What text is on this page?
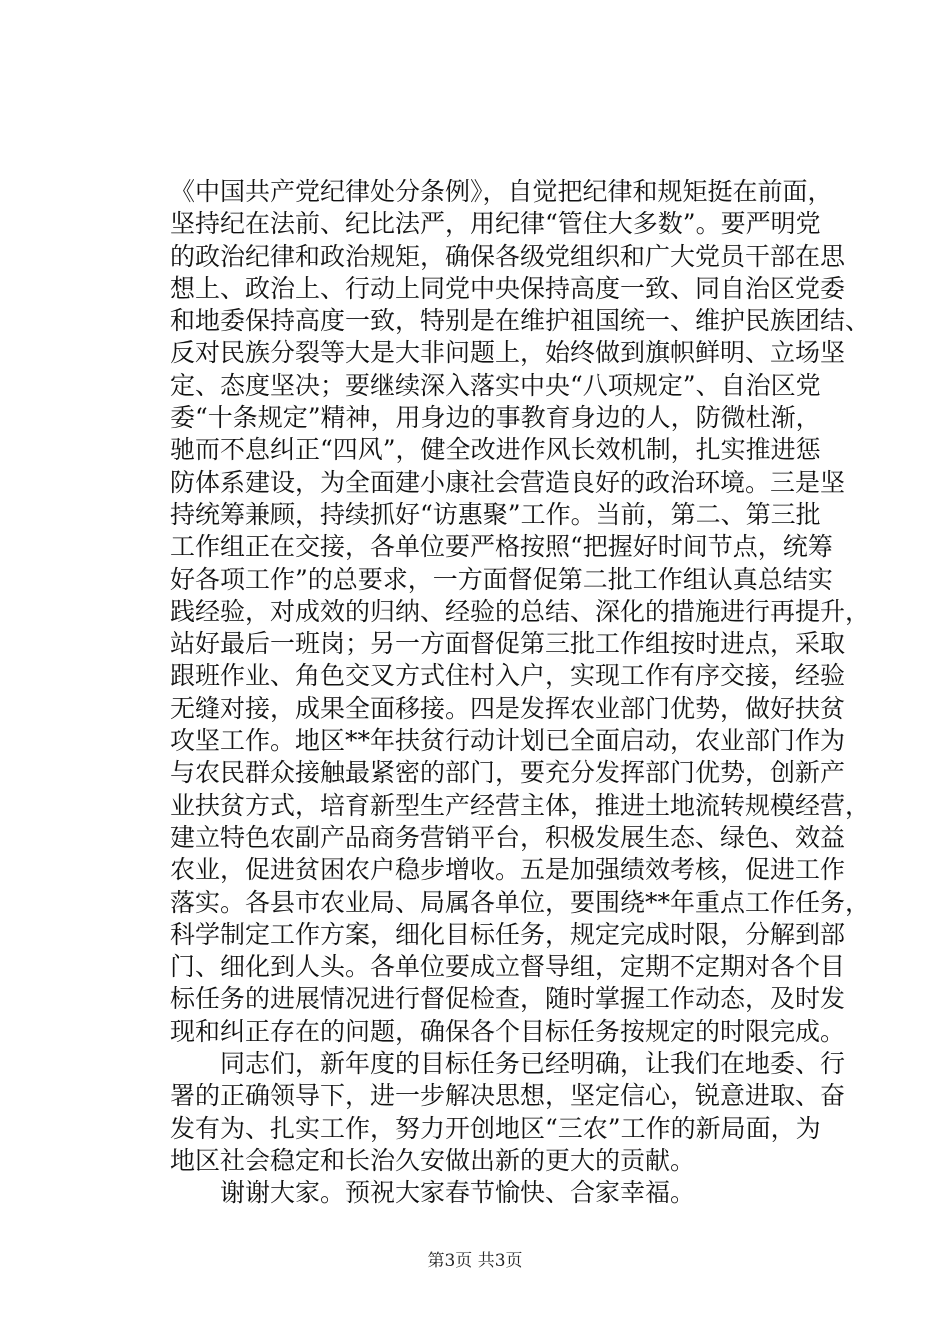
《中国共产党纪律处分条例》，自觉把纪律和规矩挺在前面，
坚持纪在法前、纪比法严，用纪律“管住大多数”。要严明党
的政治纪律和政治规矩，确保各级党组织和广大党员干部在思
想上、政治上、行动上同党中央保持高度一致、同自治区党委
和地委保持高度一致，特别是在维护祖国统一、维护民族团结、
反对民族分裂等大是大非问题上，始终做到旗帜鲜明、立场坚
定、态度坚决；要继续深入落实中央“八项规定”、自治区党
委“十条规定”精神，用身边的事教育身边的人，防微杜渐，
驰而不息纠正“四风”，健全改进作风长效机制，扎实推进惩
防体系建设，为全面建小康社会营造良好的政治环境。三是坚
持统筹兼顾，持续抓好“访惠聚”工作。当前，第二、第三批
工作组正在交接，各单位要严格按照“把握好时间节点，统筹
好各项工作”的总要求，一方面督促第二批工作组认真总结实
践经验，对成效的归纳、经验的总结、深化的措施进行再提升，
站好最后一班岗；另一方面督促第三批工作组按时进点，采取
跟班作业、角色交叉方式住村入户，实现工作有序交接，经验
无缝对接，成果全面移接。四是发挥农业部门优势，做好扶贫
攻坚工作。地区**年扶贫行动计划已全面启动，农业部门作为
与农民群众接触最紧密的部门，要充分发挥部门优势，创新产
业扶贫方式，培育新型生产经营主体，推进土地流转规模经营，
建立特色农副产品商务营销平台，积极发展生态、绿色、效益
农业，促进贫困农户稳步增收。五是加强绩效考核，促进工作
落实。各县市农业局、局属各单位，要围绕**年重点工作任务，
科学制定工作方案，细化目标任务，规定完成时限，分解到部
门、细化到人头。各单位要成立督导组，定期不定期对各个目
标任务的进展情况进行督促检查，随时掌握工作动态，及时发
现和纠正存在的问题，确保各个目标任务按规定的时限完成。
同志们，新年度的目标任务已经明确，让我们在地委、行
署的正确领导下，进一步解决思想，坚定信心，锐意进取、奋
发有为、扎实工作，努力开创地区“三农”工作的新局面，为
地区社会稳定和长治久安做出新的更大的贡献。
谢谢大家。预祝大家春节愉快、合家幸福。
第3页 共3页
